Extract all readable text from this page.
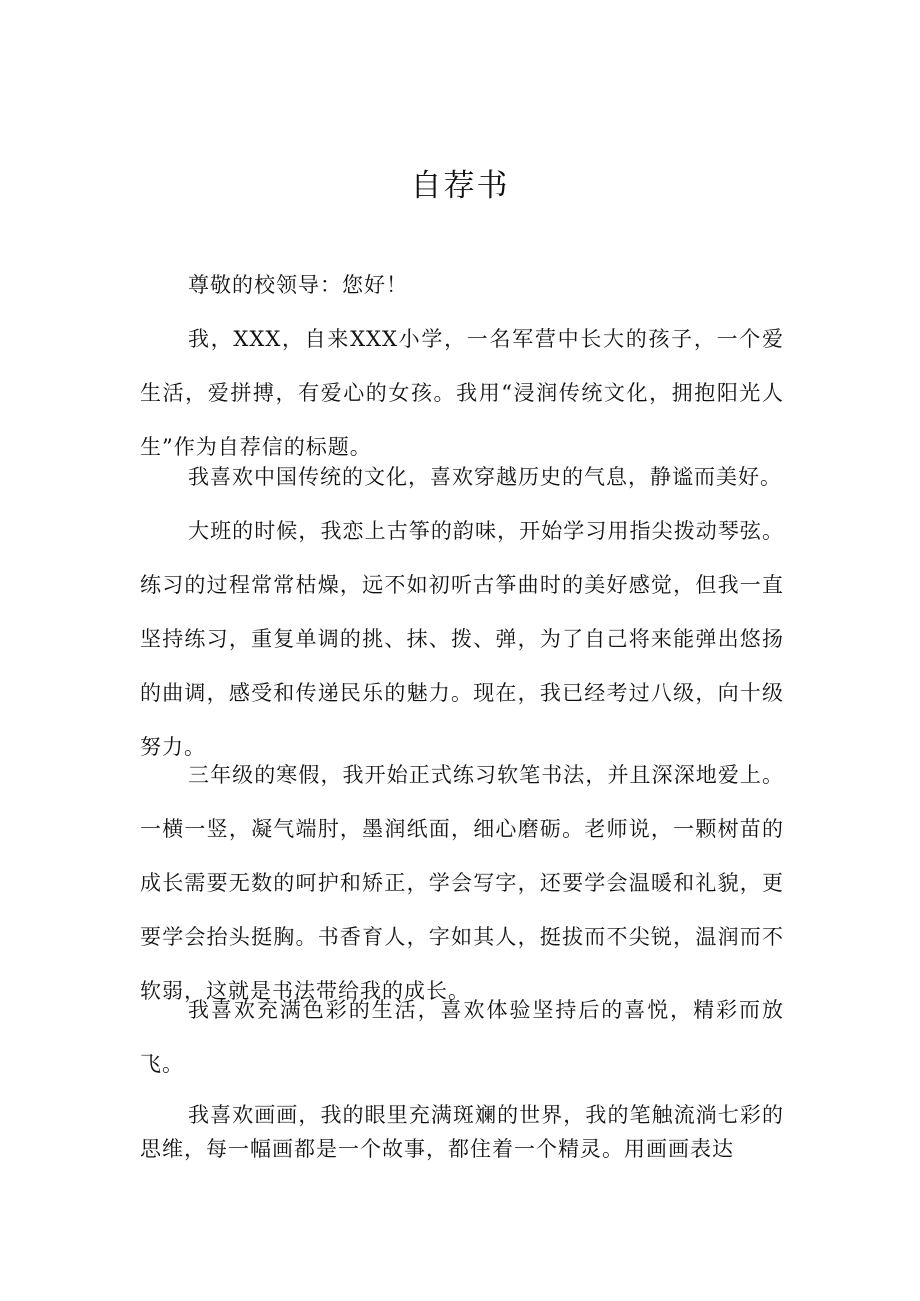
自荐书

尊敬的校领导：您好！

我，XXX，自来XXX小学，一名军营中长大的孩子，一个爱生活，爱拼搏，有爱心的女孩。我用“浸润传统文化，拥抱阳光人生”作为自荐信的标题。

我喜欢中国传统的文化，喜欢穿越历史的气息，静谧而美好。

大班的时候，我恋上古筝的韵味，开始学习用指尖拨动琴弦。练习的过程常常枯燥，远不如初听古筝曲时的美好感觉，但我一直坚持练习，重复单调的挑、抹、拨、弹，为了自己将来能弹出悠扬的曲调，感受和传递民乐的魅力。现在，我已经考过八级，向十级努力。

三年级的寒假，我开始正式练习软笔书法，并且深深地爱上。一横一竖，凝气端肘，墨润纸面，细心磨砺。老师说，一颗树苗的成长需要无数的呵护和矫正，学会写字，还要学会温暖和礼貌，更要学会抬头挺胸。书香育人，字如其人，挺拔而不尖锐，温润而不软弱，这就是书法带给我的成长。

我喜欢充满色彩的生活，喜欢体验坚持后的喜悦，精彩而放飞。

我喜欢画画，我的眼里充满斑斓的世界，我的笔触流淌七彩的思维，每一幅画都是一个故事，都住着一个精灵。用画画表达
